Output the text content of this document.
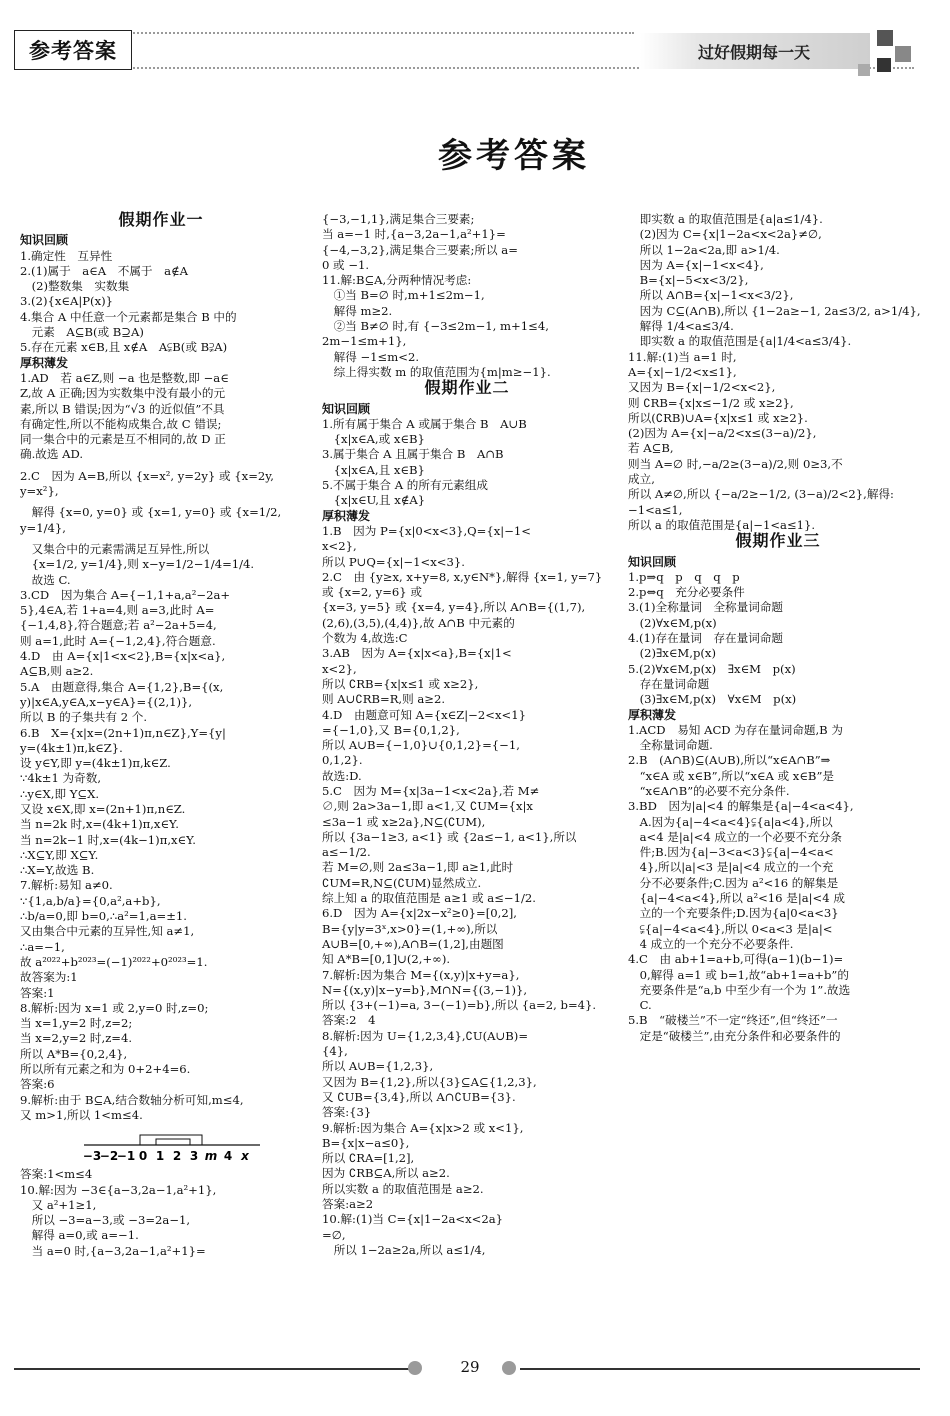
参考答案	过好假期每一天
参考答案
假期作业一
知识回顾
1.确定性　互异性
2.(1)属于　a∈A　不属于　a∉A
　(2)整数集　实数集
3.(2){x∈A|P(x)}
4.集合 A 中任意一个元素都是集合 B 中的
　元素　A⊆B(或 B⊇A)
5.存在元素 x∈B,且 x∉A　A⫋B(或 B⫌A)
厚积薄发
1.AD　若 a∈Z,则 −a 也是整数,即 −a∈
Z,故 A 正确;因为实数集中没有最小的元
素,所以 B 错误;因为“√3 的近似值”不具
有确定性,所以不能构成集合,故 C 错误;
同一集合中的元素是互不相同的,故 D 正
确.故选 AD.
2.C　因为 A=B,所以 {x=x², y=2y} 或 {x=2y, y=x²},
　解得 {x=0, y=0} 或 {x=1, y=0} 或 {x=1/2, y=1/4},
　又集合中的元素需满足互异性,所以
　{x=1/2, y=1/4},则 x−y=1/2−1/4=1/4.
　故选 C.
3.CD　因为集合 A={−1,1+a,a²−2a+
5},4∈A,若 1+a=4,则 a=3,此时 A=
{−1,4,8},符合题意;若 a²−2a+5=4,
则 a=1,此时 A={−1,2,4},符合题意.
4.D　由 A={x|1<x<2},B={x|x<a},
A⊆B,则 a≥2.
5.A　由题意得,集合 A={1,2},B={(x,
y)|x∈A,y∈A,x−y∈A}={(2,1)},
所以 B 的子集共有 2 个.
6.B　X={x|x=(2n+1)π,n∈Z},Y={y|
y=(4k±1)π,k∈Z}.
设 y∈Y,即 y=(4k±1)π,k∈Z.
∵4k±1 为奇数,
∴y∈X,即 Y⊆X.
又设 x∈X,即 x=(2n+1)π,n∈Z.
当 n=2k 时,x=(4k+1)π,x∈Y.
当 n=2k−1 时,x=(4k−1)π,x∈Y.
∴X⊆Y,即 X⊆Y.
∴X=Y,故选 B.
7.解析:易知 a≠0.
∵{1,a,b/a}={0,a²,a+b},
∴b/a=0,即 b=0,∴a²=1,a=±1.
又由集合中元素的互异性,知 a≠1,
∴a=−1,
故 a²⁰²²+b²⁰²³=(−1)²⁰²²+0²⁰²³=1.
故答案为:1
答案:1
8.解析:因为 x=1 或 2,y=0 时,z=0;
当 x=1,y=2 时,z=2;
当 x=2,y=2 时,z=4.
所以 A*B={0,2,4},
所以所有元素之和为 0+2+4=6.
答案:6
9.解析:由于 B⊆A,结合数轴分析可知,m≤4,
又 m>1,所以 1<m≤4.
−3
−2
−1 0 1 2 3 m 4 x
答案:1<m≤4
10.解:因为 −3∈{a−3,2a−1,a²+1},
　又 a²+1≥1,
　所以 −3=a−3,或 −3=2a−1,
　解得 a=0,或 a=−1.
　当 a=0 时,{a−3,2a−1,a²+1}=
{−3,−1,1},满足集合三要素;
当 a=−1 时,{a−3,2a−1,a²+1}=
{−4,−3,2},满足集合三要素;所以 a=
0 或 −1.
11.解:B⊆A,分两种情况考虑:
　①当 B=∅ 时,m+1≤2m−1,
　解得 m≥2.
　②当 B≠∅ 时,有 {−3≤2m−1, m+1≤4, 2m−1≤m+1},
　解得 −1≤m<2.
　综上得实数 m 的取值范围为{m|m≥−1}.
假期作业二
知识回顾
1.所有属于集合 A 或属于集合 B　A∪B
　{x|x∈A,或 x∈B}
3.属于集合 A 且属于集合 B　A∩B
　{x|x∈A,且 x∈B}
5.不属于集合 A 的所有元素组成
　{x|x∈U,且 x∉A}
厚积薄发
1.B　因为 P={x|0<x<3},Q={x|−1<
x<2},
所以 P∪Q={x|−1<x<3}.
2.C　由 {y≥x, x+y=8, x,y∈N*},解得 {x=1, y=7} 或 {x=2, y=6} 或
{x=3, y=5} 或 {x=4, y=4},所以 A∩B={(1,7),
(2,6),(3,5),(4,4)},故 A∩B 中元素的
个数为 4,故选:C
3.AB　因为 A={x|x<a},B={x|1<
x<2},
所以 ∁RB={x|x≤1 或 x≥2},
则 A∪∁RB=R,则 a≥2.
4.D　由题意可知 A={x∈Z|−2<x<1}
={−1,0},又 B={0,1,2},
所以 A∪B={−1,0}∪{0,1,2}={−1,
0,1,2}.
故选:D.
5.C　因为 M={x|3a−1<x<2a},若 M≠
∅,则 2a>3a−1,即 a<1,又 ∁UM={x|x
≤3a−1 或 x≥2a},N⊆(∁UM),
所以 {3a−1≥3, a<1} 或 {2a≤−1, a<1},所以 a≤−1/2.
若 M=∅,则 2a≤3a−1,即 a≥1,此时
∁UM=R,N⊆(∁UM)显然成立.
综上知 a 的取值范围是 a≥1 或 a≤−1/2.
6.D　因为 A={x|2x−x²≥0}=[0,2],
B={y|y=3ˣ,x>0}=(1,+∞),所以
A∪B=[0,+∞),A∩B=(1,2],由题图
知 A*B=[0,1]∪(2,+∞).
7.解析:因为集合 M={(x,y)|x+y=a},
N={(x,y)|x−y=b},M∩N={(3,−1)},
所以 {3+(−1)=a, 3−(−1)=b},所以 {a=2, b=4}.
答案:2　4
8.解析:因为 U={1,2,3,4},∁U(A∪B)=
{4},
所以 A∪B={1,2,3},
又因为 B={1,2},所以{3}⊆A⊆{1,2,3},
又 ∁UB={3,4},所以 A∩∁UB={3}.
答案:{3}
9.解析:因为集合 A={x|x>2 或 x<1},
B={x|x−a≤0},
所以 ∁RA=[1,2],
因为 ∁RB⊆A,所以 a≥2.
所以实数 a 的取值范围是 a≥2.
答案:a≥2
10.解:(1)当 C={x|1−2a<x<2a}
=∅,
　所以 1−2a≥2a,所以 a≤1/4,
　即实数 a 的取值范围是{a|a≤1/4}.
　(2)因为 C={x|1−2a<x<2a}≠∅,
　所以 1−2a<2a,即 a>1/4.
　因为 A={x|−1<x<4},
　B={x|−5<x<3/2},
　所以 A∩B={x|−1<x<3/2},
　因为 C⊆(A∩B),所以 {1−2a≥−1, 2a≤3/2, a>1/4},
　解得 1/4<a≤3/4.
　即实数 a 的取值范围是{a|1/4<a≤3/4}.
11.解:(1)当 a=1 时,
A={x|−1/2<x≤1},
又因为 B={x|−1/2<x<2},
则 ∁RB={x|x≤−1/2 或 x≥2},
所以(∁RB)∪A={x|x≤1 或 x≥2}.
(2)因为 A={x|−a/2<x≤(3−a)/2},
若 A⊆B,
则当 A=∅ 时,−a/2≥(3−a)/2,则 0≥3,不
成立,
所以 A≠∅,所以 {−a/2≥−1/2, (3−a)/2<2},解得:
−1<a≤1,
所以 a 的取值范围是{a|−1<a≤1}.
假期作业三
知识回顾
1.p⇒q　p　q　q　p
2.p⇔q　充分必要条件
3.(1)全称量词　全称量词命题
　(2)∀x∈M,p(x)
4.(1)存在量词　存在量词命题
　(2)∃x∈M,p(x)
5.(2)∀x∈M,p(x)　∃x∈M　p(x)
　存在量词命题
　(3)∃x∈M,p(x)　∀x∈M　p(x)
厚积薄发
1.ACD　易知 ACD 为存在量词命题,B 为
　全称量词命题.
2.B　(A∩B)⊆(A∪B),所以“x∈A∩B”⇒
　“x∈A 或 x∈B”,所以“x∈A 或 x∈B”是
　“x∈A∩B”的必要不充分条件.
3.BD　因为|a|<4 的解集是{a|−4<a<4},
　A.因为{a|−4<a<4}⫋{a|a<4},所以
　a<4 是|a|<4 成立的一个必要不充分条
　件;B.因为{a|−3<a<3}⫋{a|−4<a<
　4},所以|a|<3 是|a|<4 成立的一个充
　分不必要条件;C.因为 a²<16 的解集是
　{a|−4<a<4},所以 a²<16 是|a|<4 成
　立的一个充要条件;D.因为{a|0<a<3}
　⫋{a|−4<a<4},所以 0<a<3 是|a|<
　4 成立的一个充分不必要条件.
4.C　由 ab+1=a+b,可得(a−1)(b−1)=
　0,解得 a=1 或 b=1,故“ab+1=a+b”的
　充要条件是“a,b 中至少有一个为 1”.故选
　C.
5.B　“破楼兰”不一定“终还”,但“终还”一
　定是“破楼兰”,由充分条件和必要条件的
29
